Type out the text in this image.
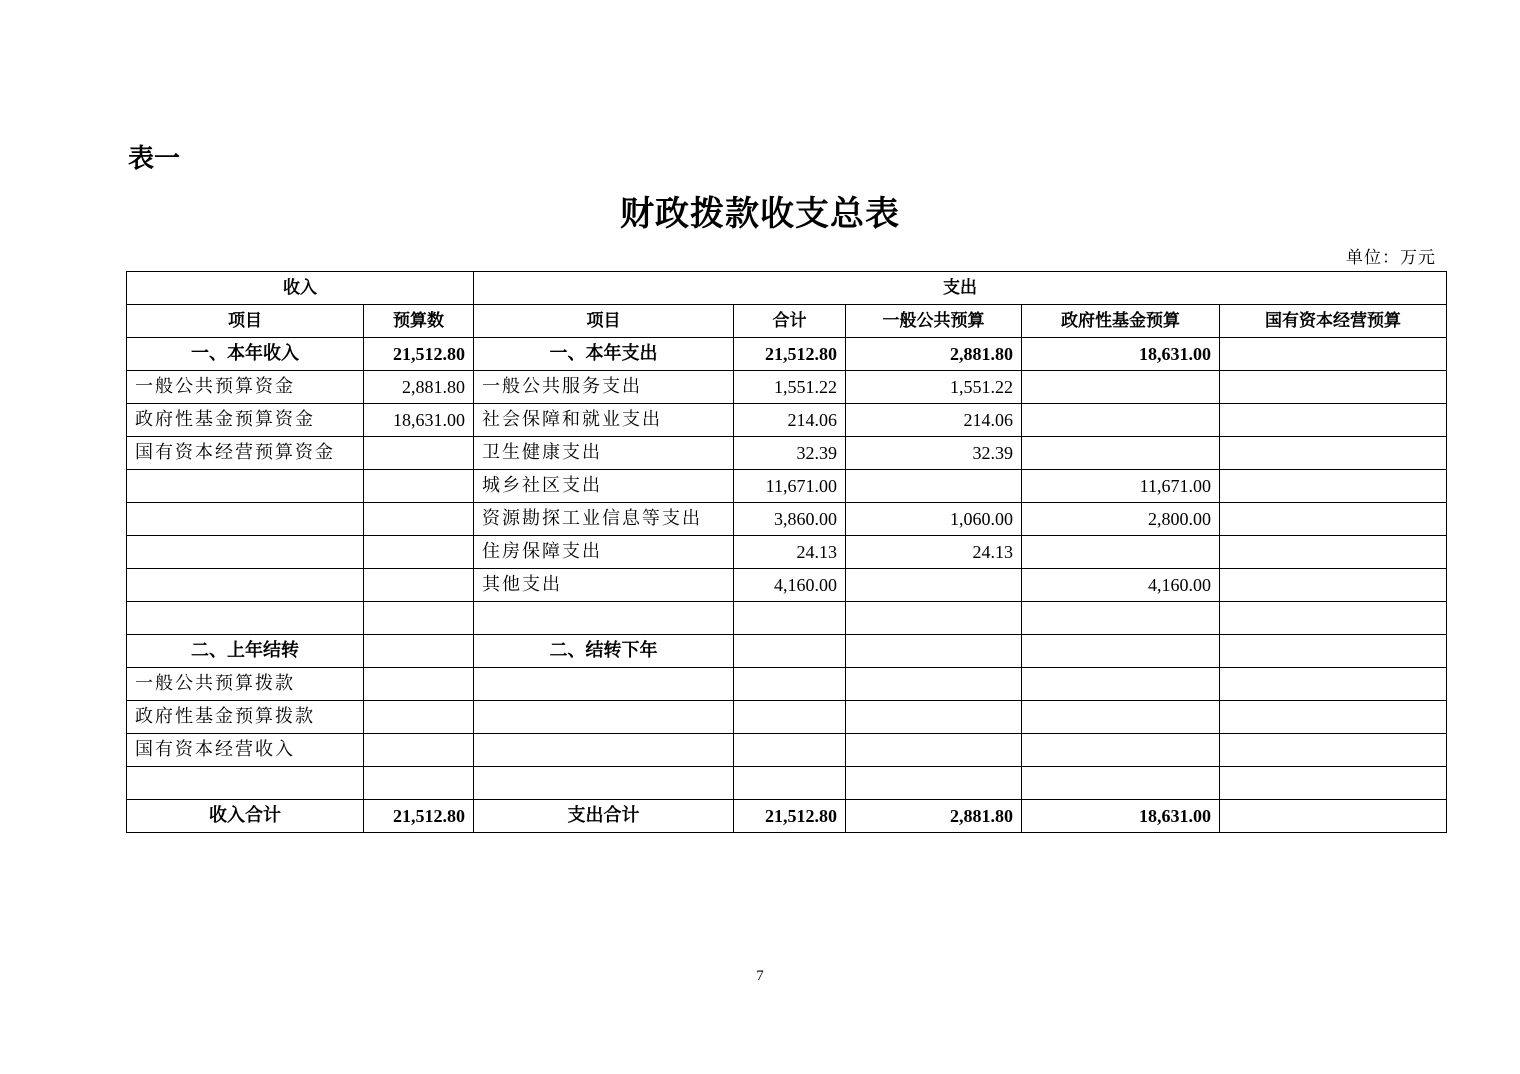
表一
财政拨款收支总表
单位：万元
收入		支出				
项目	预算数	项目	合计	一般公共预算	政府性基金预算	国有资本经营预算
一、本年收入	21,512.80	一、本年支出	21,512.80	2,881.80	18,631.00	
一般公共预算资金	2,881.80	一般公共服务支出	1,551.22	1,551.22		
政府性基金预算资金	18,631.00	社会保障和就业支出	214.06	214.06		
国有资本经营预算资金		卫生健康支出	32.39	32.39		
		城乡社区支出	11,671.00		11,671.00	
		资源勘探工业信息等支出	3,860.00	1,060.00	2,800.00	
		住房保障支出	24.13	24.13		
		其他支出	4,160.00		4,160.00	

二、上年结转		二、结转下年				
一般公共预算拨款						
政府性基金预算拨款						
国有资本经营收入						

收入合计	21,512.80	支出合计	21,512.80	2,881.80	18,631.00	
7
